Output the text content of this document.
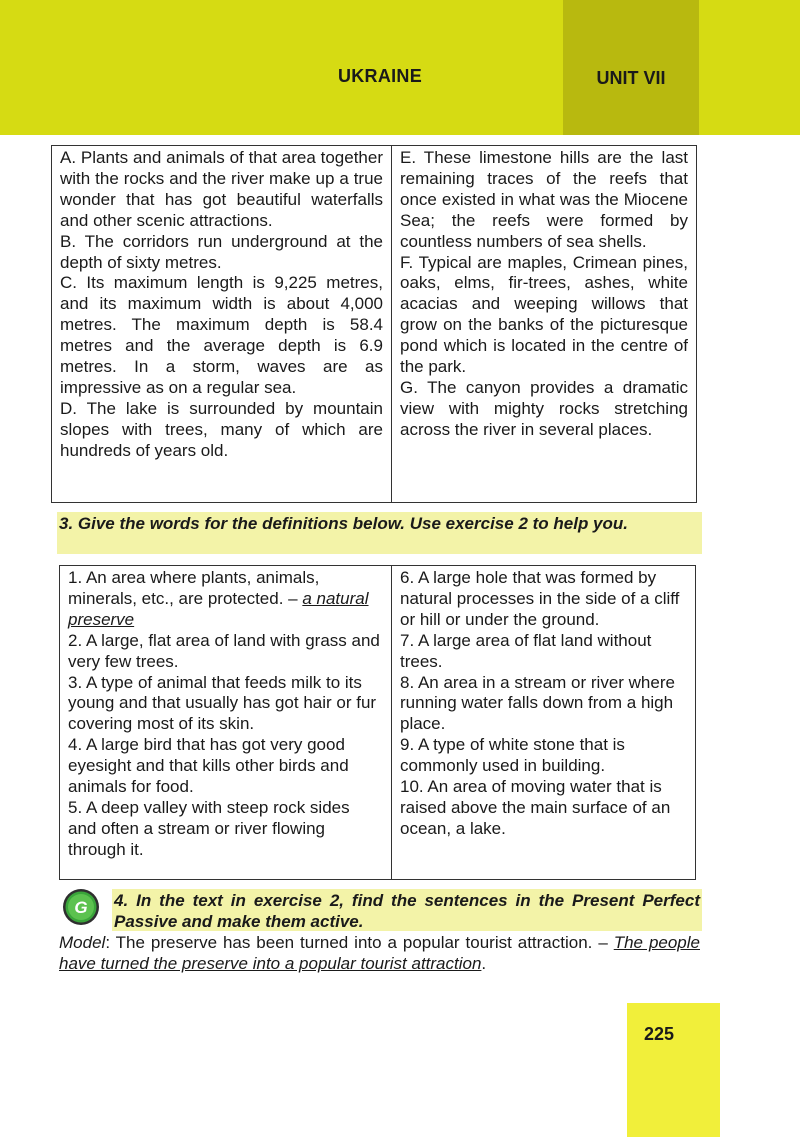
UKRAINE	UNIT VII

A. Plants and animals of that area together with the rocks and the river make up a true wonder that has got beautiful waterfalls and other scenic attractions.

B. The corridors run underground at the depth of sixty metres.

C. Its maximum length is 9,225 metres, and its maximum width is about 4,000 metres. The maximum depth is 58.4 metres and the average depth is 6.9 metres. In a storm, waves are as impressive as on a regular sea.

D. The lake is surrounded by mountain slopes with trees, many of which are hundreds of years old.

E. These limestone hills are the last remaining traces of the reefs that once existed in what was the Miocene Sea; the reefs were formed by countless numbers of sea shells.

F. Typical are maples, Crimean pines, oaks, elms, fir-trees, ashes, white acacias and weeping willows that grow on the banks of the picturesque pond which is located in the centre of the park.

G. The canyon provides a dramatic view with mighty rocks stretching across the river in several places.

3. Give the words for the definitions below. Use exercise 2 to help you.

1. An area where plants, animals, minerals, etc., are protected. – a natural preserve

2. A large, flat area of land with grass and very few trees.

3. A type of animal that feeds milk to its young and that usually has got hair or fur covering most of its skin.

4. A large bird that has got very good eyesight and that kills other birds and animals for food.

5. A deep valley with steep rock sides and often a stream or river flowing through it.

6. A large hole that was formed by natural processes in the side of a cliff or hill or under the ground.

7. A large area of flat land without trees.

8. An area in a stream or river where running water falls down from a high place.

9. A type of white stone that is commonly used in building.

10. An area of moving water that is raised above the main surface of an ocean, a lake.

G 4. In the text in exercise 2, find the sentences in the Present Perfect Passive and make them active.
Model: The preserve has been turned into a popular tourist attraction. – The people have turned the preserve into a popular tourist attraction.
225
